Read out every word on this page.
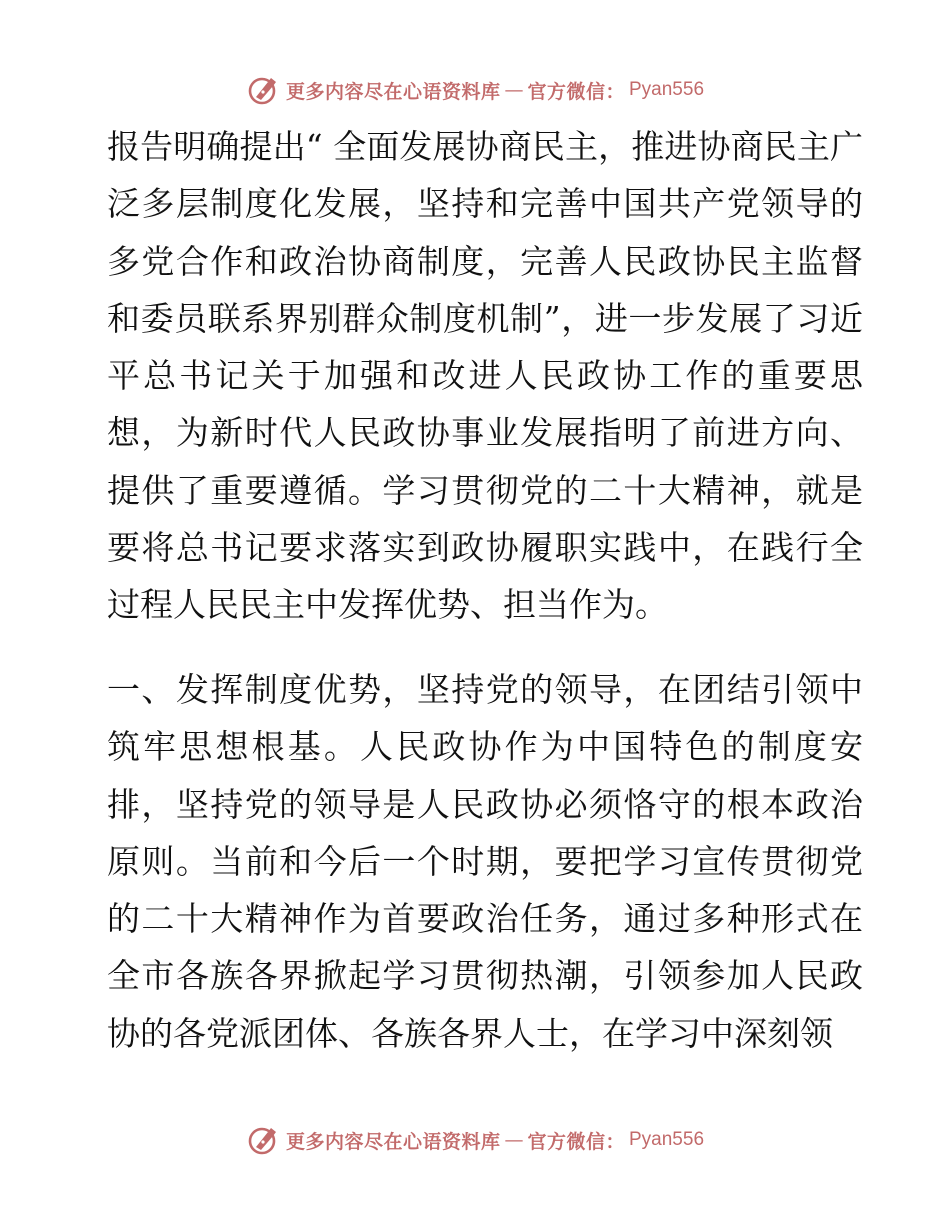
更多内容尽在心语资料库 — 官方微信： Pyan556

报告明确提出“ 全面发展协商民主，推进协商民主广泛多层制度化发展，坚持和完善中国共产党领导的多党合作和政治协商制度，完善人民政协民主监督和委员联系界别群众制度机制”，进一步发展了习近平总书记关于加强和改进人民政协工作的重要思想，为新时代人民政协事业发展指明了前进方向、提供了重要遵循。学习贯彻党的二十大精神，就是要将总书记要求落实到政协履职实践中，在践行全过程人民民主中发挥优势、担当作为。

一、发挥制度优势，坚持党的领导，在团结引领中筑牢思想根基。人民政协作为中国特色的制度安排，坚持党的领导是人民政协必须恪守的根本政治原则。当前和今后一个时期，要把学习宣传贯彻党的二十大精神作为首要政治任务，通过多种形式在全市各族各界掀起学习贯彻热潮，引领参加人民政协的各党派团体、各族各界人士，在学习中深刻领

更多内容尽在心语资料库 — 官方微信： Pyan556
